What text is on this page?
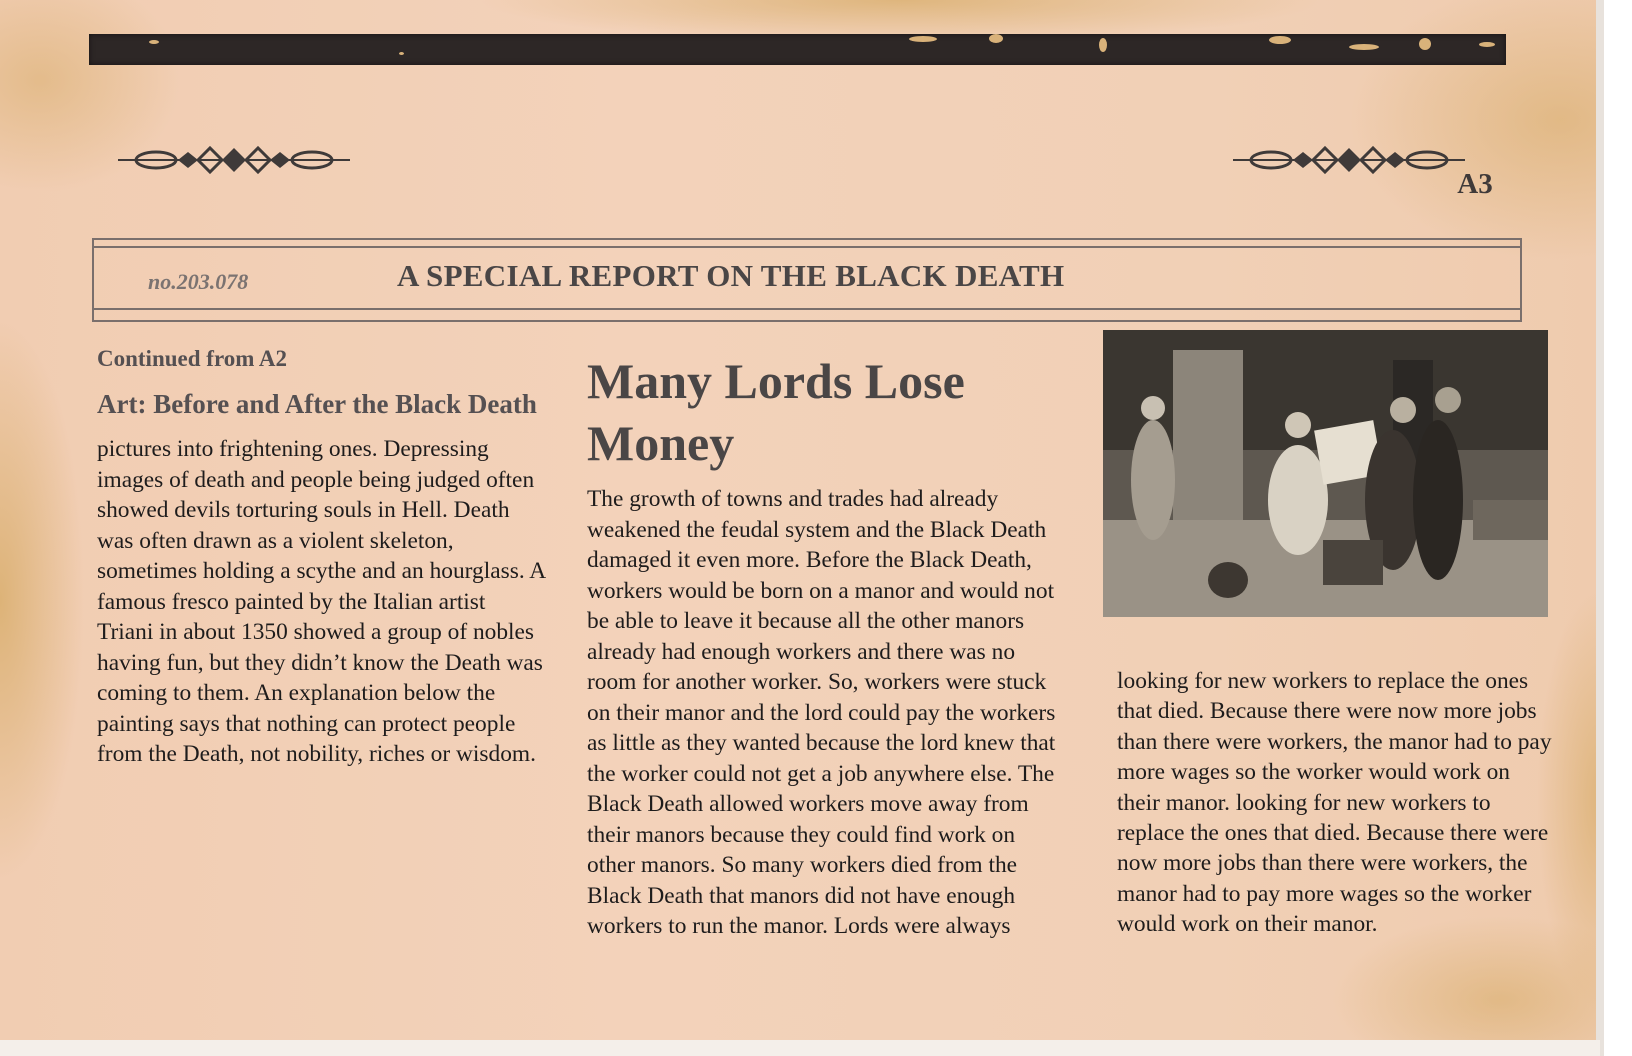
A3
no.203.078	A SPECIAL REPORT ON THE BLACK DEATH
Continued from A2
Art: Before and After the Black Death
pictures into frightening ones. Depressing images of death and people being judged often showed devils torturing souls in Hell. Death was often drawn as a violent skeleton, sometimes holding a scythe and an hourglass. A famous fresco painted by the Italian artist Triani in about 1350 showed a group of nobles having fun, but they didn’t know the Death was coming to them. An explanation below the painting says that nothing can protect people from the Death, not nobility, riches or wisdom.
Many Lords Lose Money
The growth of towns and trades had already weakened the feudal system and the Black Death damaged it even more. Before the Black Death, workers would be born on a manor and would not be able to leave it because all the other manors already had enough workers and there was no room for another worker. So, workers were stuck on their manor and the lord could pay the workers as little as they wanted because the lord knew that the worker could not get a job anywhere else. The Black Death allowed workers move away from their manors because they could find work on other manors. So many workers died from the Black Death that manors did not have enough workers to run the manor. Lords were always
looking for new workers to replace the ones that died. Because there were now more jobs than there were workers, the manor had to pay more wages so the worker would work on their manor. looking for new workers to replace the ones that died. Because there were now more jobs than there were workers, the manor had to pay more wages so the worker would work on their manor.
